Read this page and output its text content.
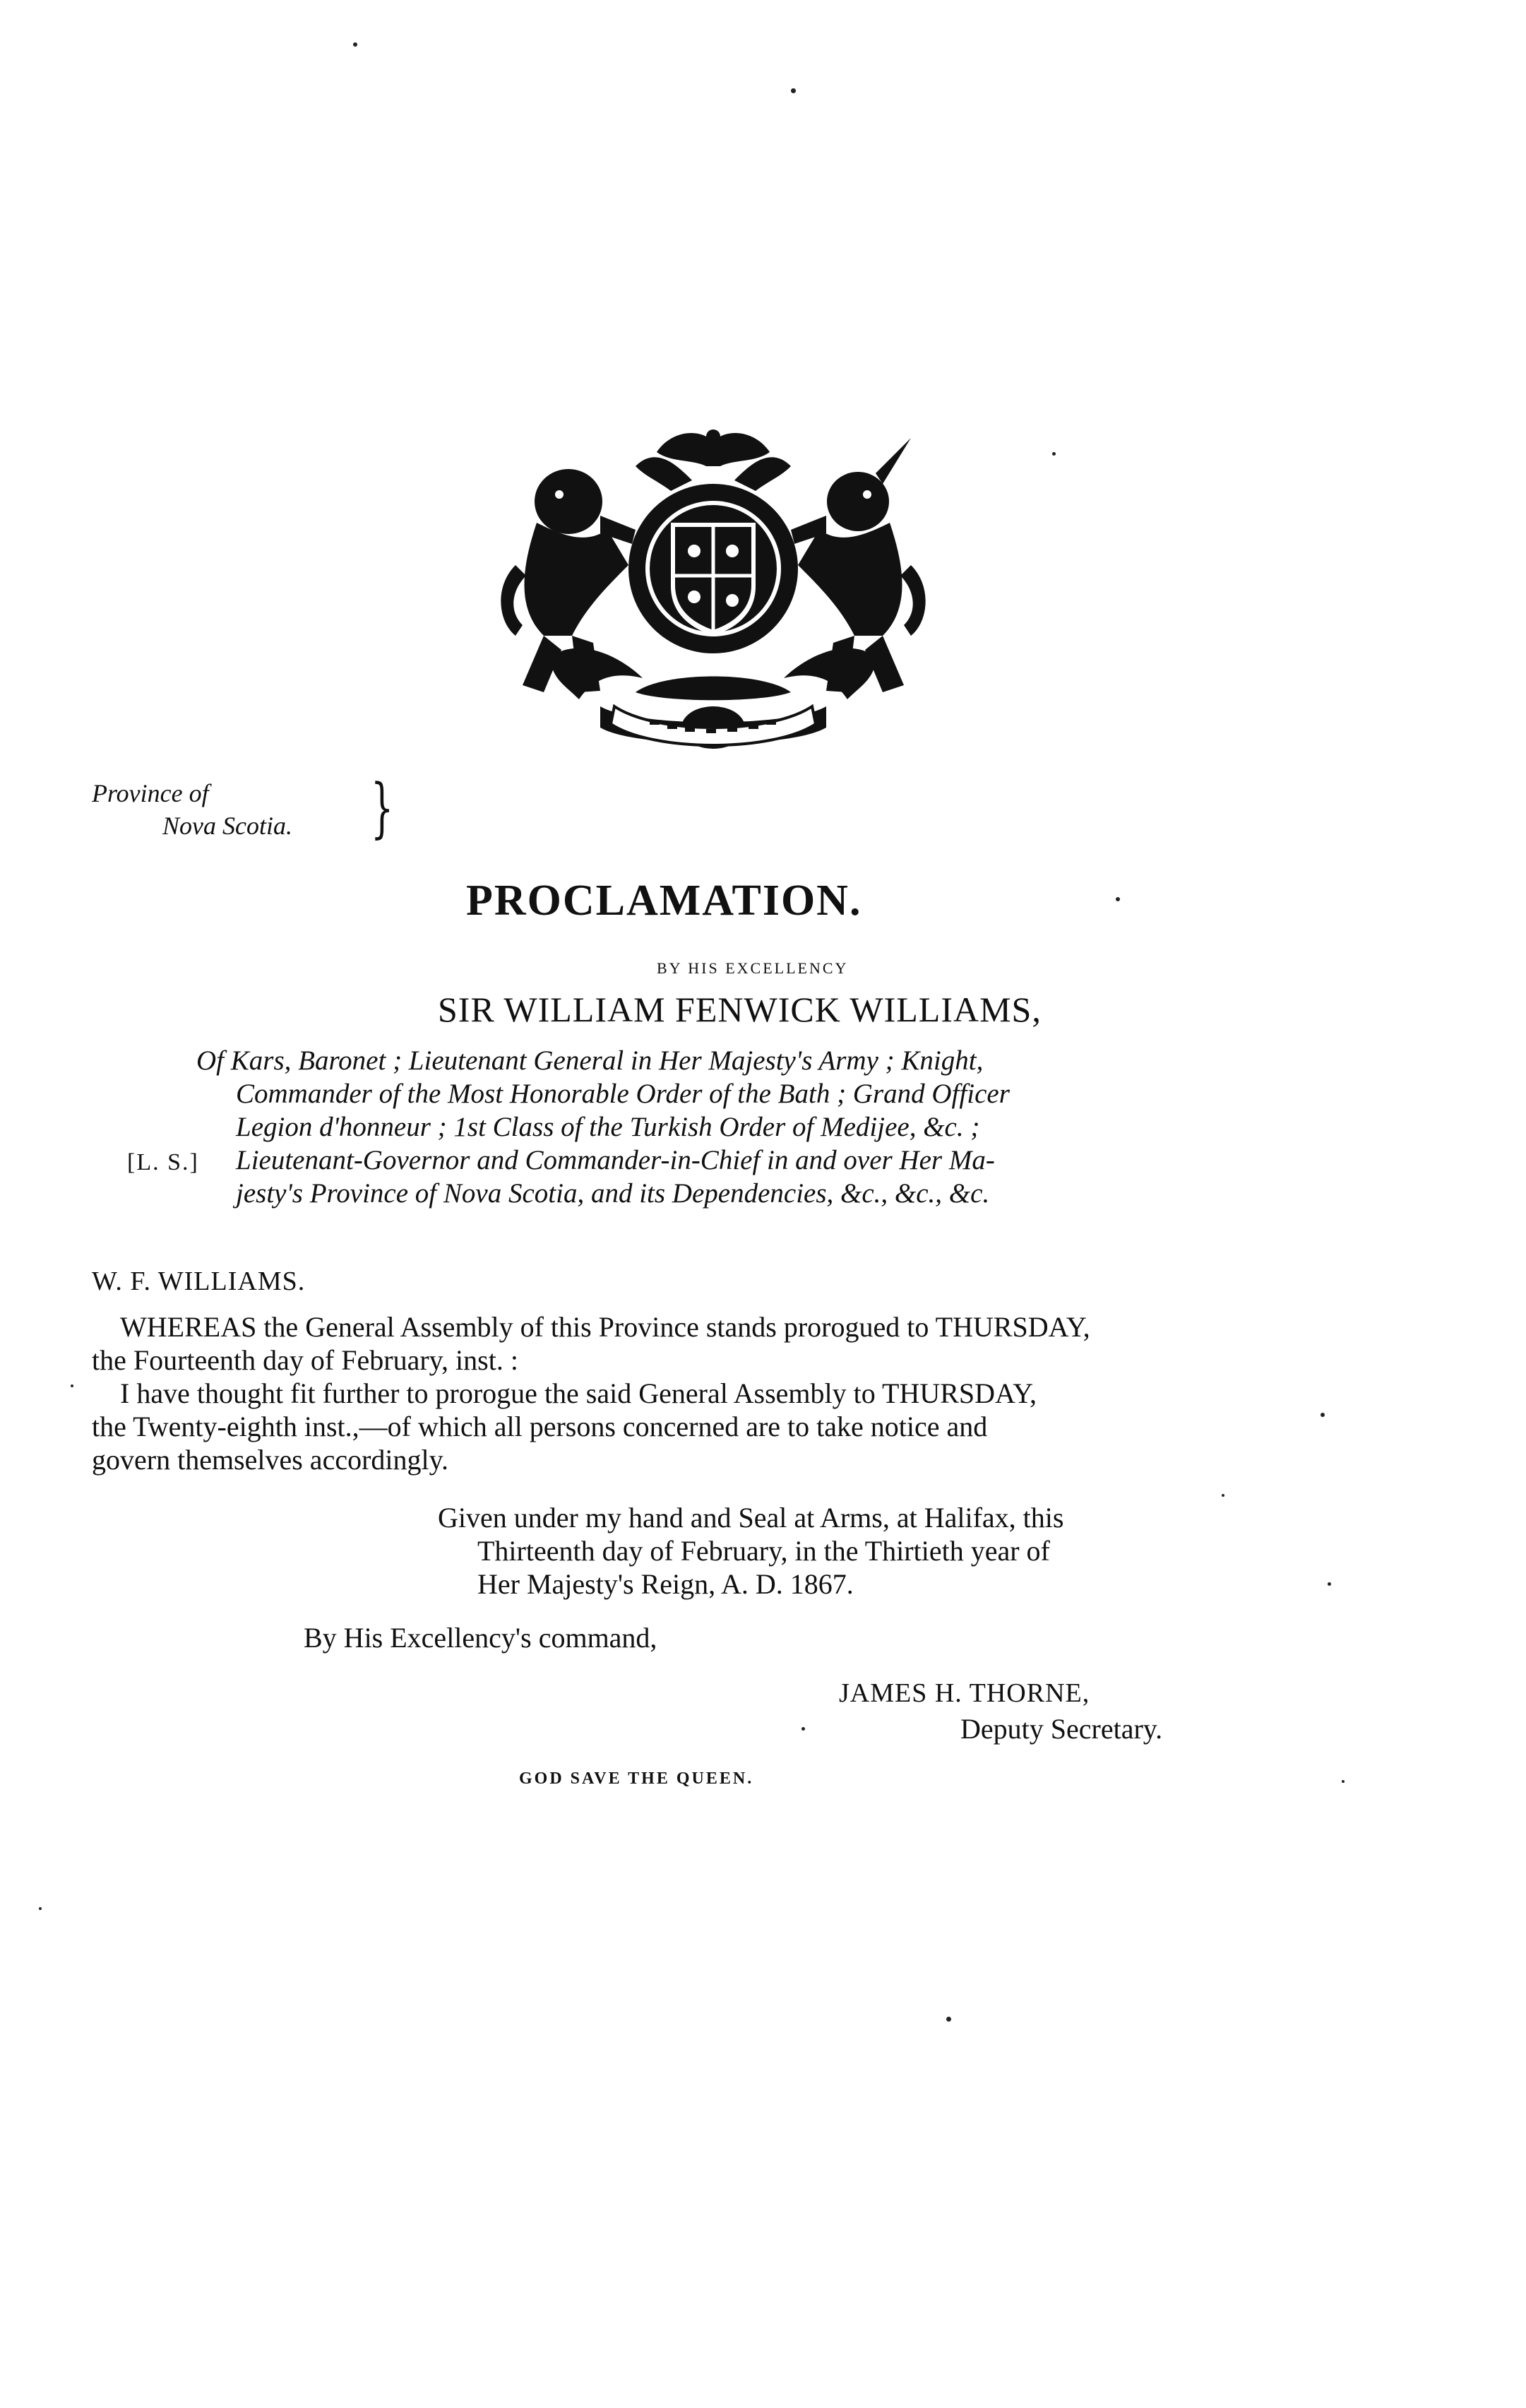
Province of
Nova Scotia. }
PROCLAMATION.
BY HIS EXCELLENCY
SIR WILLIAM FENWICK WILLIAMS,
[L. S.]
Of Kars, Baronet ; Lieutenant General in Her Majesty's Army ; Knight,
Commander of the Most Honorable Order of the Bath ; Grand Officer
Legion d'honneur ; 1st Class of the Turkish Order of Medijee, &c. ;
Lieutenant-Governor and Commander-in-Chief in and over Her Ma-
jesty's Province of Nova Scotia, and its Dependencies, &c., &c., &c.
W. F. WILLIAMS.
WHEREAS the General Assembly of this Province stands prorogued to THURSDAY,
the Fourteenth day of February, inst. :
I have thought fit further to prorogue the said General Assembly to THURSDAY,
the Twenty-eighth inst.,—of which all persons concerned are to take notice and
govern themselves accordingly.
Given under my hand and Seal at Arms, at Halifax, this
Thirteenth day of February, in the Thirtieth year of
Her Majesty's Reign, A. D. 1867.
By His Excellency's command,
JAMES H. THORNE,
Deputy Secretary.
GOD SAVE THE QUEEN.
